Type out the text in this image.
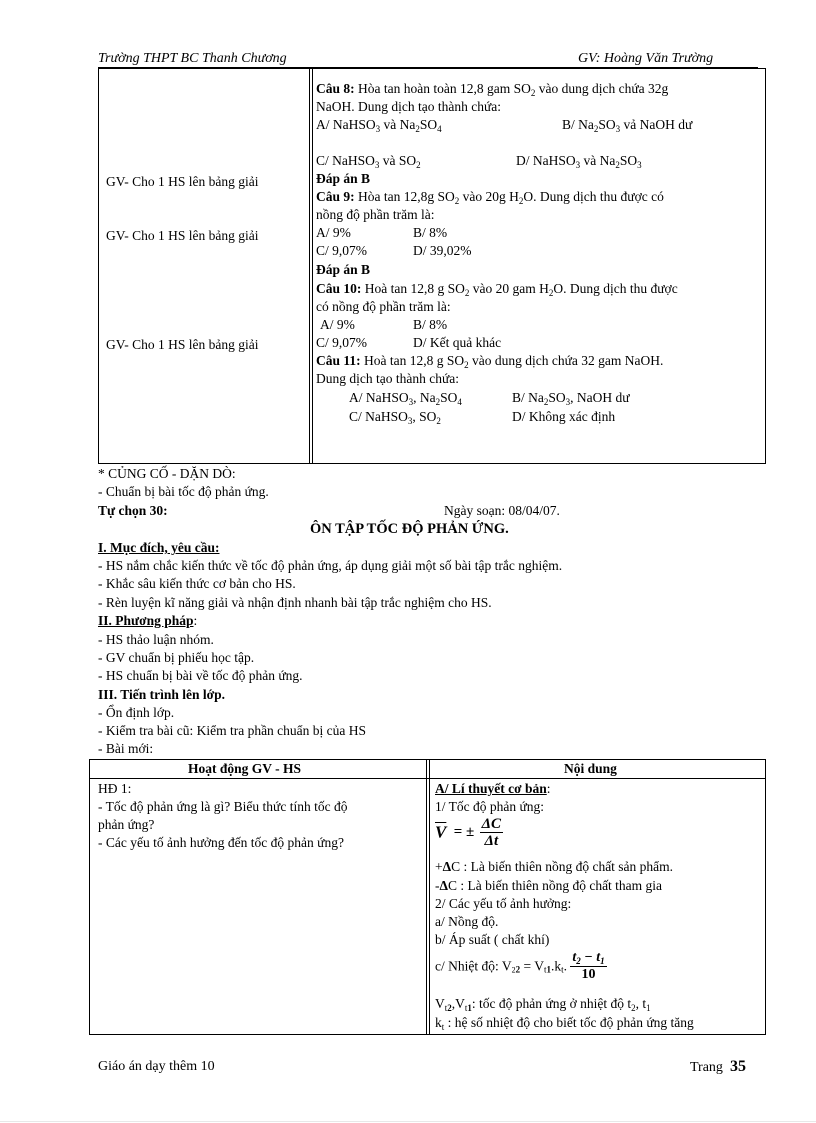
Trường THPT BC Thanh Chương	GV: Hoàng Văn Trường
GV- Cho 1 HS lên bảng giải
GV- Cho 1 HS lên bảng giải
GV- Cho 1 HS lên bảng giải
Câu 8: Hòa tan hoàn toàn 12,8 gam $SO_2$ vào dung dịch chứa 32g
NaOH. Dung dịch tạo thành chứa:
A/ NaHSO$_3$ và $Na_2SO_4$	B/ $Na_2SO_3$ vả NaOH dư
C/ NaHSO$_3$ và $SO_2$	D/ NaHSO$_3$ và $Na_2SO_3$
Đáp án B
Câu 9: Hòa tan 12,8g $SO_2$ vào 20g $H_2O$. Dung dịch thu được có
nồng độ phần trăm là:
A/ 9%	B/ 8%
C/ 9,07%	D/ 39,02%
Đáp án B
Câu 10: Hoà tan 12,8 g $SO_2$ vào 20 gam $H_2O$. Dung dịch thu được
có nồng độ phần trăm là:
A/ 9%	B/ 8%
C/ 9,07%	D/ Kết quả khác
Câu 11: Hoà tan 12,8 g $SO_2$ vào dung dịch chứa 32 gam NaOH.
Dung dịch tạo thành chứa:
A/ NaHSO$_3$, $Na_2SO_4$	B/ $Na_2SO_3$, NaOH dư
C/ NaHSO$_3$, $SO_2$	D/ Không xác định
* CỦNG CỐ - DẶN DÒ:
- Chuẩn bị bài tốc độ phản ứng.
Tự chọn 30:	Ngày soạn: 08/04/07.
ÔN TẬP TỐC ĐỘ PHẢN ỨNG.
I. Mục đích, yêu cầu:
- HS nắm chắc kiến thức về tốc độ phản ứng, áp dụng giải một số bài tập trắc nghiệm.
- Khắc sâu kiến thức cơ bản cho HS.
- Rèn luyện kĩ năng giải và nhận định nhanh bài tập trắc nghiệm cho HS.
II. Phương pháp:
- HS thảo luận nhóm.
- GV chuẩn bị phiếu học tập.
- HS chuẩn bị bài về tốc độ phản ứng.
III. Tiến trình lên lớp.
- Ổn định lớp.
- Kiểm tra bài cũ: Kiểm tra phần chuẩn bị của HS
- Bài mới:
Hoạt động GV - HS	Nội dung
HĐ 1:
- Tốc độ phản ứng là gì? Biểu thức tính tốc độ
phản ứng?
- Các yếu tố ảnh hưởng đến tốc độ phản ứng?
A/ Lí thuyết cơ bản:
1/ Tốc độ phản ứng:
$\overline{V}$ = ± $\frac{\Delta C}{\Delta t}$
+ΔC : Là biến thiên nồng độ chất sản phẩm.
-ΔC : Là biến thiên nồng độ chất tham gia
2/ Các yếu tố ảnh hưởng:
a/ Nồng độ.
b/ Áp suất ( chất khí)
c/ Nhiệt độ: $V_{22} = V_{t1}.k_t$. $\frac{t_2 - t_1}{10}$
$V_{t2},V_{t1}$: tốc độ phản ứng ở nhiệt độ $t_2$, $t_1$
$k_t$ : hệ số nhiệt độ cho biết tốc độ phản ứng tăng
Giáo án dạy thêm 10	Trang 35
